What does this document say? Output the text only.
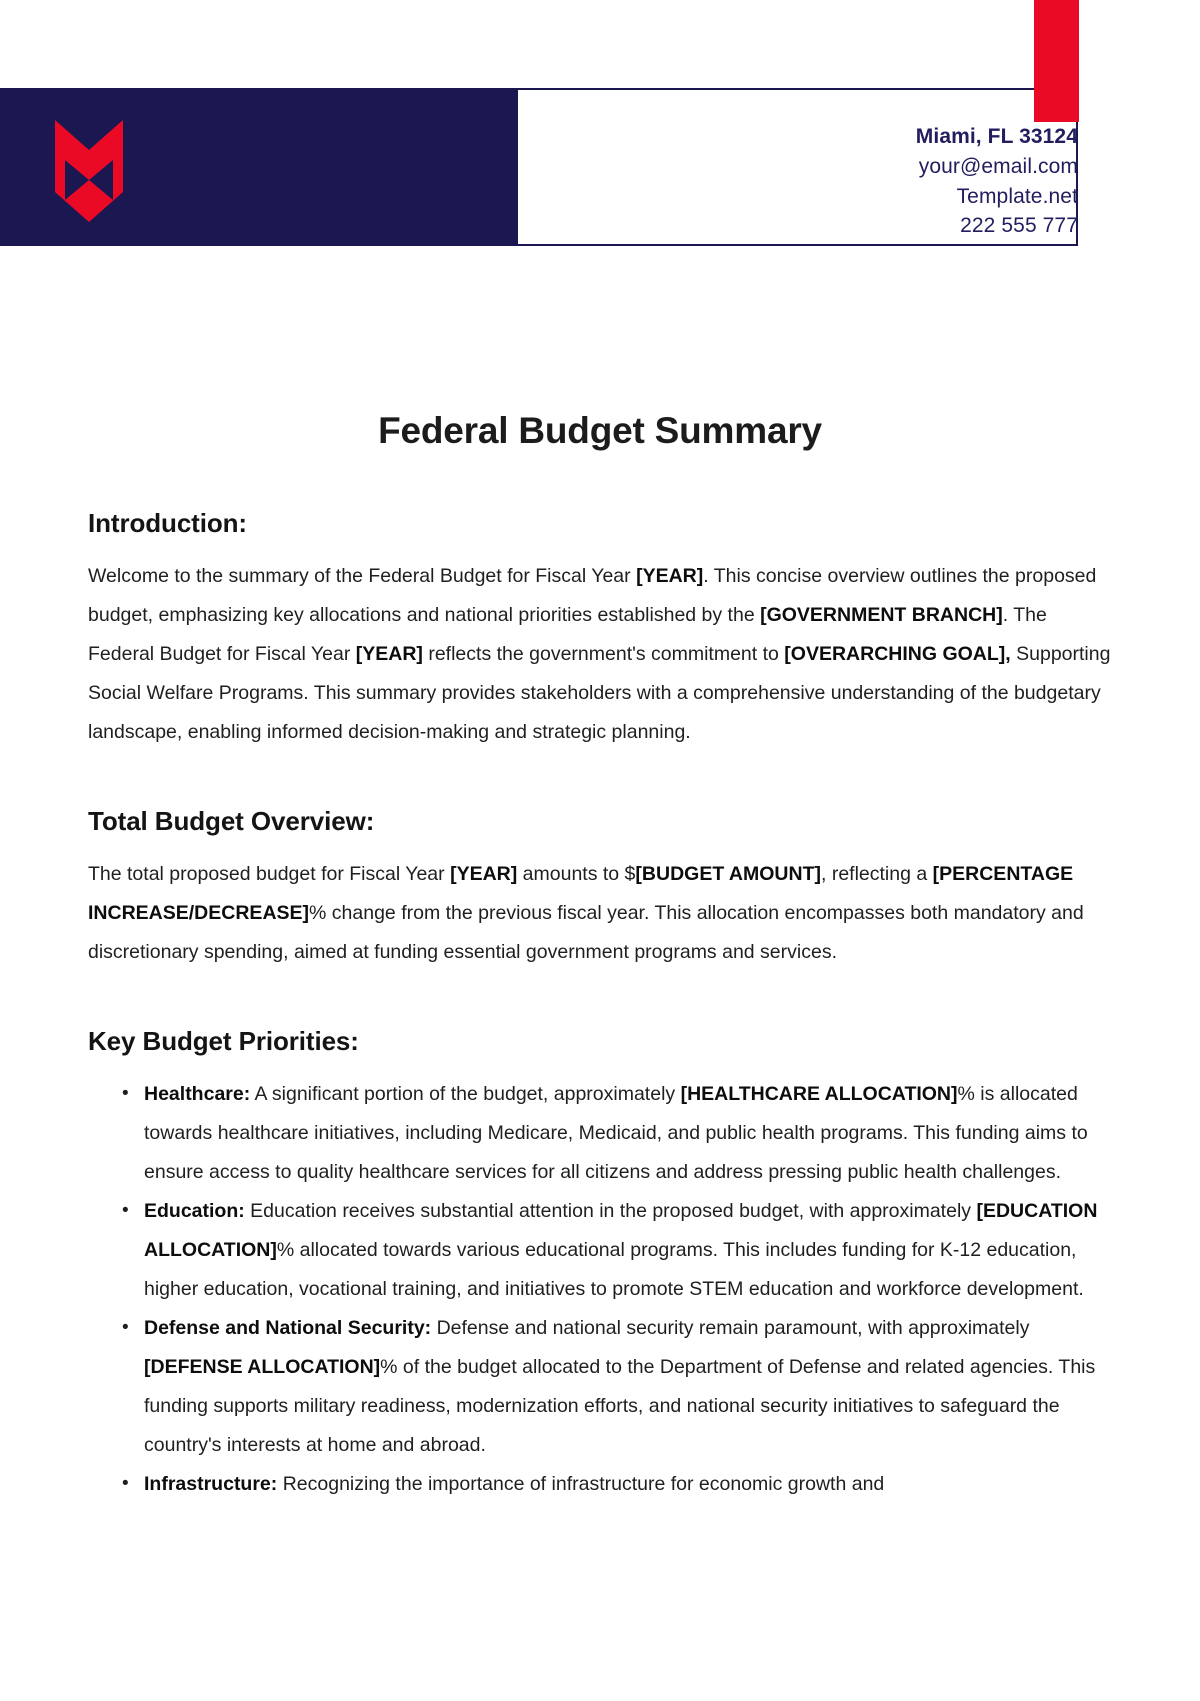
Miami, FL 33124
your@email.com
Template.net
222 555 777
Federal Budget Summary
Introduction:

Welcome to the summary of the Federal Budget for Fiscal Year [YEAR]. This concise overview outlines the proposed budget, emphasizing key allocations and national priorities established by the [GOVERNMENT BRANCH]. The Federal Budget for Fiscal Year [YEAR] reflects the government's commitment to [OVERARCHING GOAL], Supporting Social Welfare Programs. This summary provides stakeholders with a comprehensive understanding of the budgetary landscape, enabling informed decision-making and strategic planning.

Total Budget Overview:

The total proposed budget for Fiscal Year [YEAR] amounts to $[BUDGET AMOUNT], reflecting a [PERCENTAGE INCREASE/DECREASE]% change from the previous fiscal year. This allocation encompasses both mandatory and discretionary spending, aimed at funding essential government programs and services.

Key Budget Priorities:
• Healthcare: A significant portion of the budget, approximately [HEALTHCARE ALLOCATION]% is allocated towards healthcare initiatives, including Medicare, Medicaid, and public health programs. This funding aims to ensure access to quality healthcare services for all citizens and address pressing public health challenges.
• Education: Education receives substantial attention in the proposed budget, with approximately [EDUCATION ALLOCATION]% allocated towards various educational programs. This includes funding for K-12 education, higher education, vocational training, and initiatives to promote STEM education and workforce development.
• Defense and National Security: Defense and national security remain paramount, with approximately [DEFENSE ALLOCATION]% of the budget allocated to the Department of Defense and related agencies. This funding supports military readiness, modernization efforts, and national security initiatives to safeguard the country's interests at home and abroad.
• Infrastructure: Recognizing the importance of infrastructure for economic growth and
